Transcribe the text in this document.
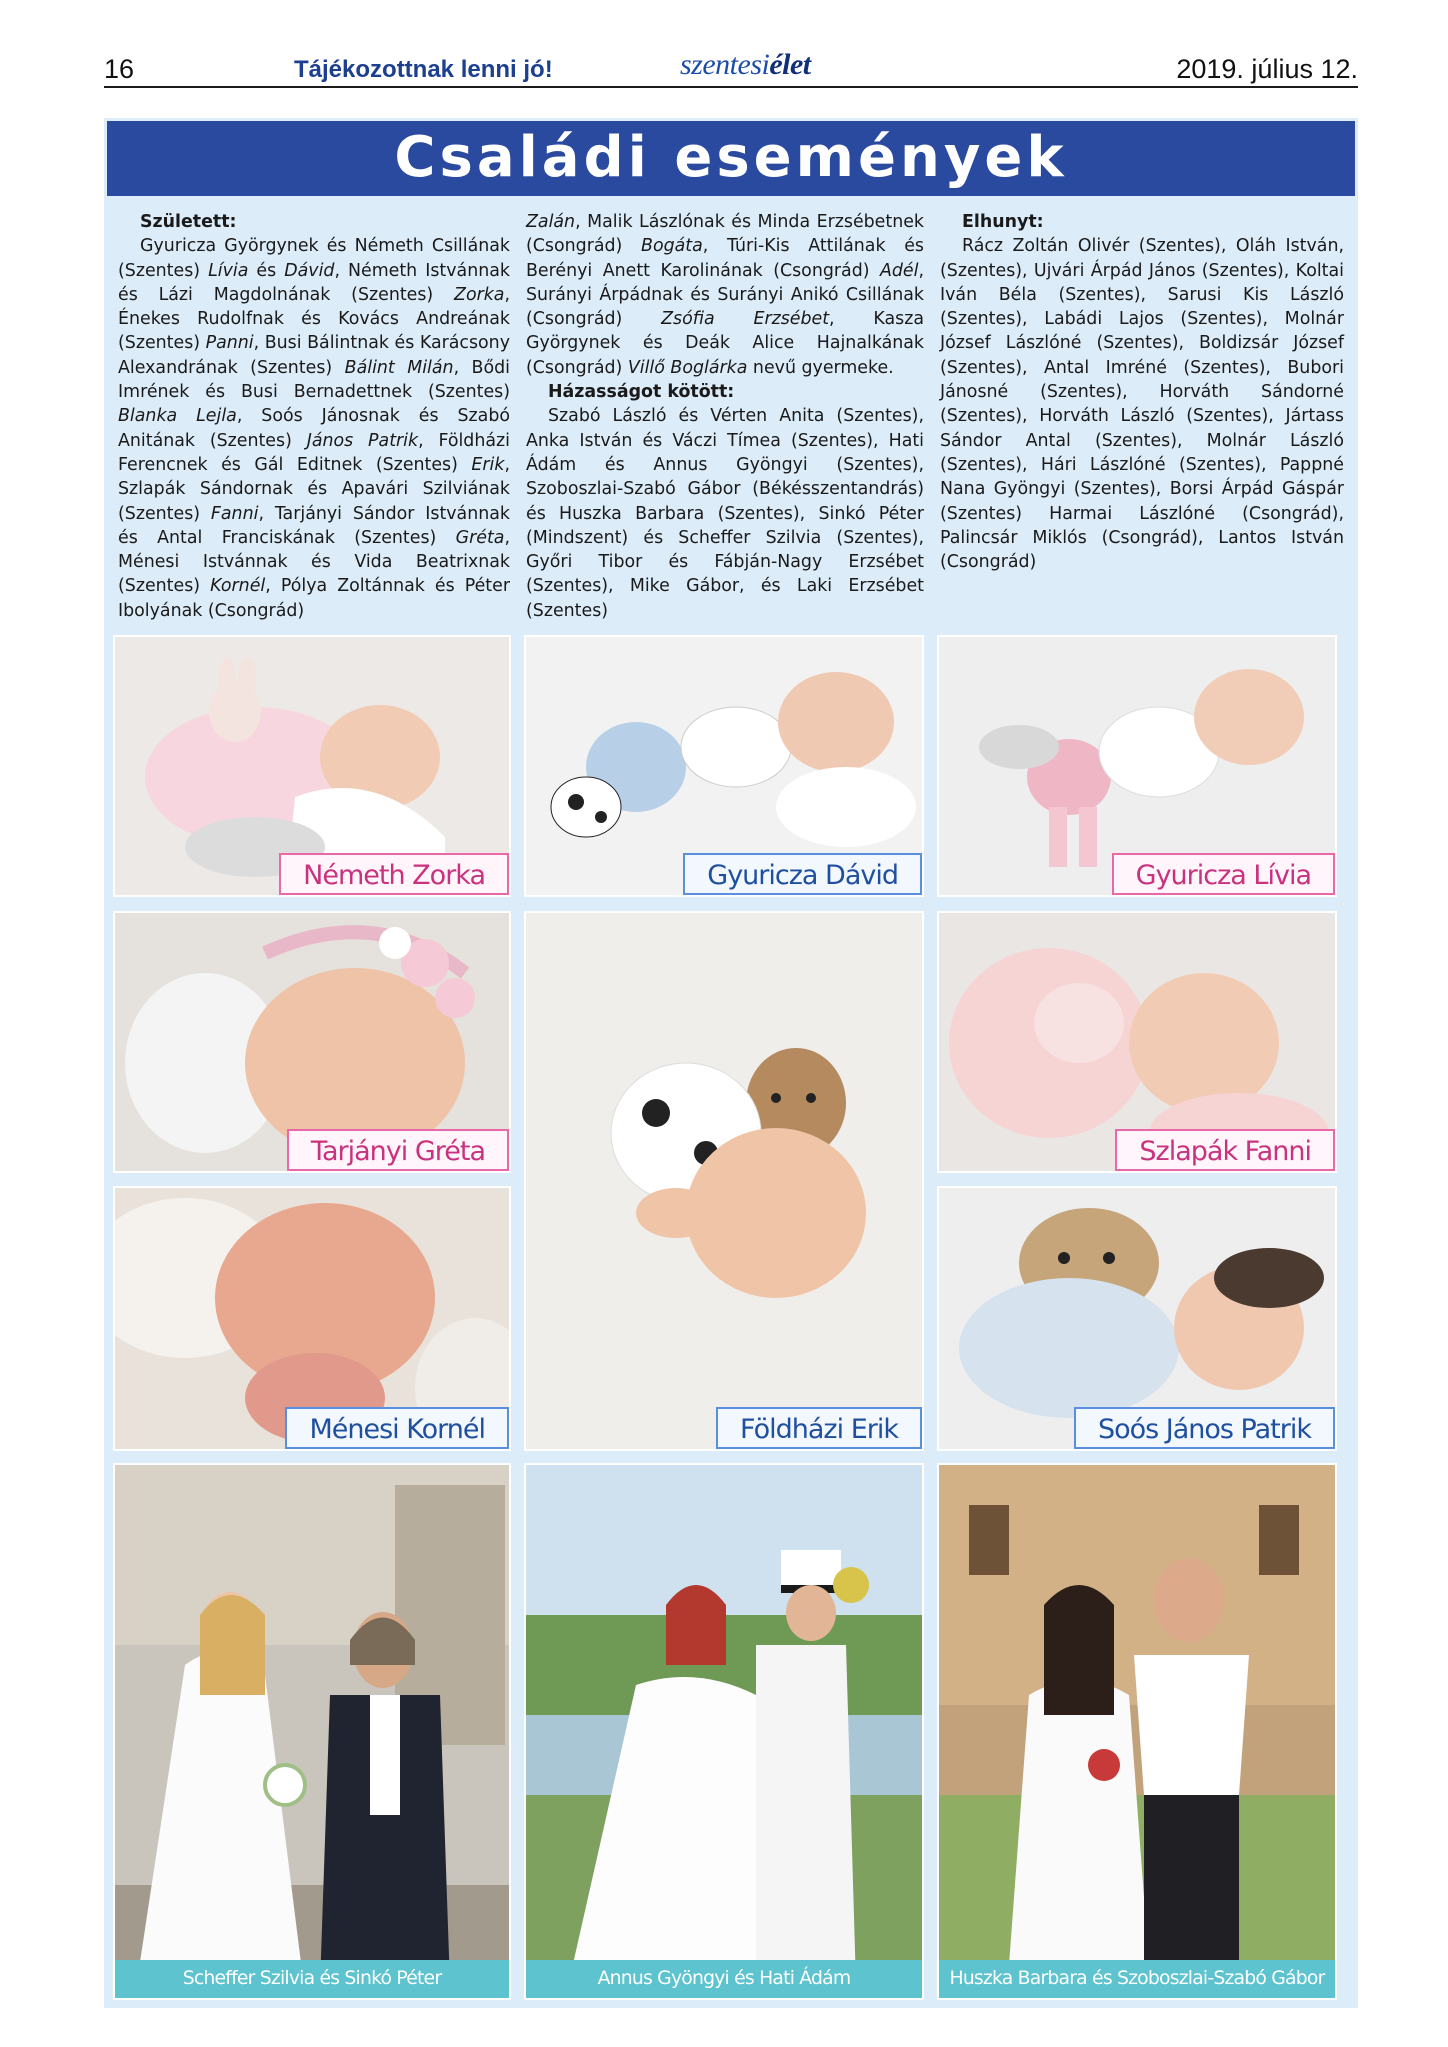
16	Tájékozottnak lenni jó!	szentesiélet	2019. július 12.
Családi események
Született:

Gyuricza Györgynek és Németh Csillának (Szentes) Lívia és Dávid, Németh Istvánnak és Lázi Magdolnának (Szentes) Zorka, Énekes Rudolfnak és Kovács Andreának (Szentes) Panni, Busi Bálintnak és Karácsony Alexandrának (Szentes) Bálint Milán, Bődi Imrének és Busi Bernadettnek (Szentes) Blanka Lejla, Soós Jánosnak és Szabó Anitának (Szentes) János Patrik, Földházi Ferencnek és Gál Editnek (Szentes) Erik, Szlapák Sándornak és Apavári Szilviának (Szentes) Fanni, Tarjányi Sándor Istvánnak és Antal Franciskának (Szentes) Gréta, Ménesi Istvánnak és Vida Beatrixnak (Szentes) Kornél, Pólya Zoltánnak és Péter Ibolyának (Csongrád)

Zalán, Malik Lászlónak és Minda Erzsébetnek (Csongrád) Bogáta, Túri-Kis Attilának és Berényi Anett Karolinának (Csongrád) Adél, Surányi Árpádnak és Surányi Anikó Csillának (Csongrád) Zsófia Erzsébet, Kasza Györgynek és Deák Alice Hajnalkának (Csongrád) Villő Boglárka nevű gyermeke.

Házasságot kötött:

Szabó László és Vérten Anita (Szentes), Anka István és Váczi Tímea (Szentes), Hati Ádám és Annus Gyöngyi (Szentes), Szoboszlai-Szabó Gábor (Békésszentandrás) és Huszka Barbara (Szentes), Sinkó Péter (Mindszent) és Scheffer Szilvia (Szentes), Győri Tibor és Fábján-Nagy Erzsébet (Szentes), Mike Gábor, és Laki Erzsébet (Szentes)

Elhunyt:

Rácz Zoltán Olivér (Szentes), Oláh István, (Szentes), Ujvári Árpád János (Szentes), Koltai Iván Béla (Szentes), Sarusi Kis László (Szentes), Labádi Lajos (Szentes), Molnár József Lászlóné (Szentes), Boldizsár József (Szentes), Antal Imréné (Szentes), Bubori Jánosné (Szentes), Horváth Sándorné (Szentes), Horváth László (Szentes), Jártass Sándor Antal (Szentes), Molnár László (Szentes), Hári Lászlóné (Szentes), Pappné Nana Gyöngyi (Szentes), Borsi Árpád Gáspár (Szentes) Harmai Lászlóné (Csongrád), Palincsár Miklós (Csongrád), Lantos István (Csongrád)

Németh Zorka	Gyuricza Dávid	Gyuricza Lívia
Tarjányi Gréta
Földházi Erik
Szlapák Fanni
Ménesi Kornél	Soós János Patrik
Scheffer Szilvia és Sinkó Péter	Annus Gyöngyi és Hati Ádám	Huszka Barbara és Szoboszlai-Szabó Gábor
